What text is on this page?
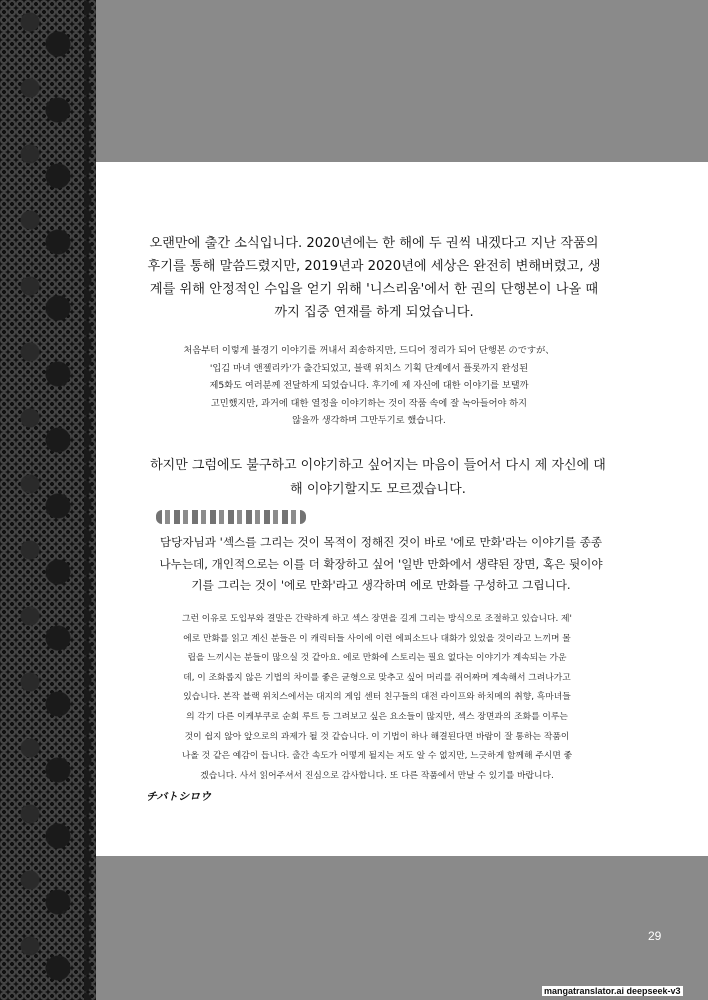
오랜만에 출간 소식입니다. 2020년에는 한 해에 두 권씩 내겠다고 지난 작품의
후기를 통해 말씀드렸지만, 2019년과 2020년에 세상은 완전히 변해버렸고, 생
계를 위해 안정적인 수입을 얻기 위해 '니스리움'에서 한 권의 단행본이 나올 때
까지 집중 연재를 하게 되었습니다.

처음부터 이렇게 불경기 이야기를 꺼내서 죄송하지만, 드디어 정리가 되어 단행본 のですが、
'입김 마녀 앤젤리카'가 출간되었고, 블랙 위치스 기획 단계에서 플롯까지 완성된
제5화도 여러분께 전달하게 되었습니다. 후기에 제 자신에 대한 이야기를 보탤까
고민했지만, 과거에 대한 열정을 이야기하는 것이 작품 속에 잘 녹아들어야 하지
않을까 생각하며 그만두기로 했습니다.

하지만 그럼에도 불구하고 이야기하고 싶어지는 마음이 들어서 다시 제 자신에 대
해 이야기할지도 모르겠습니다.

담당자님과 '섹스를 그리는 것이 목적이 정해진 것이 바로 '에로 만화'라는 이야기를 종종
나누는데, 개인적으로는 이를 더 확장하고 싶어 '일반 만화에서 생략된 장면, 혹은 뒷이야
기를 그리는 것이 '에로 만화'라고 생각하며 에로 만화를 구성하고 그립니다.

그런 이유로 도입부와 결말은 간략하게 하고 섹스 장면을 길게 그리는 방식으로 조절하고 있습니다. 제'
에로 만화를 읽고 계신 분들은 이 캐릭터들 사이에 이런 에피소드나 대화가 있었을 것이라고 느끼며 몰
립을 느끼시는 분들이 많으실 것 같아요. 에로 만화에 스토리는 필요 없다는 이야기가 계속되는 가운
데, 이 조화롭지 않은 기법의 차이를 좋은 균형으로 맞추고 싶어 머리를 쥐어짜며 계속해서 그려나가고
있습니다. 본작 블랙 위치스에서는 대지의 게임 센터 친구들의 대전 라이프와 하치메의 취향, 흑마녀들
의 각기 다른 이케부쿠로 순회 루트 등 그려보고 싶은 요소들이 많지만, 섹스 장면과의 조화를 이루는
것이 쉽지 않아 앞으로의 과제가 될 것 같습니다. 이 기법이 하나 해결된다면 바람이 잘 통하는 작품이
나올 것 같은 예감이 듭니다. 출간 속도가 어떻게 될지는 저도 알 수 없지만, 느긋하게 함께해 주시면 좋
겠습니다. 사서 읽어주셔서 진심으로 감사합니다. 또 다른 작품에서 만날 수 있기를 바랍니다.

チバトシロウ
29
mangatranslator.ai deepseek-v3
